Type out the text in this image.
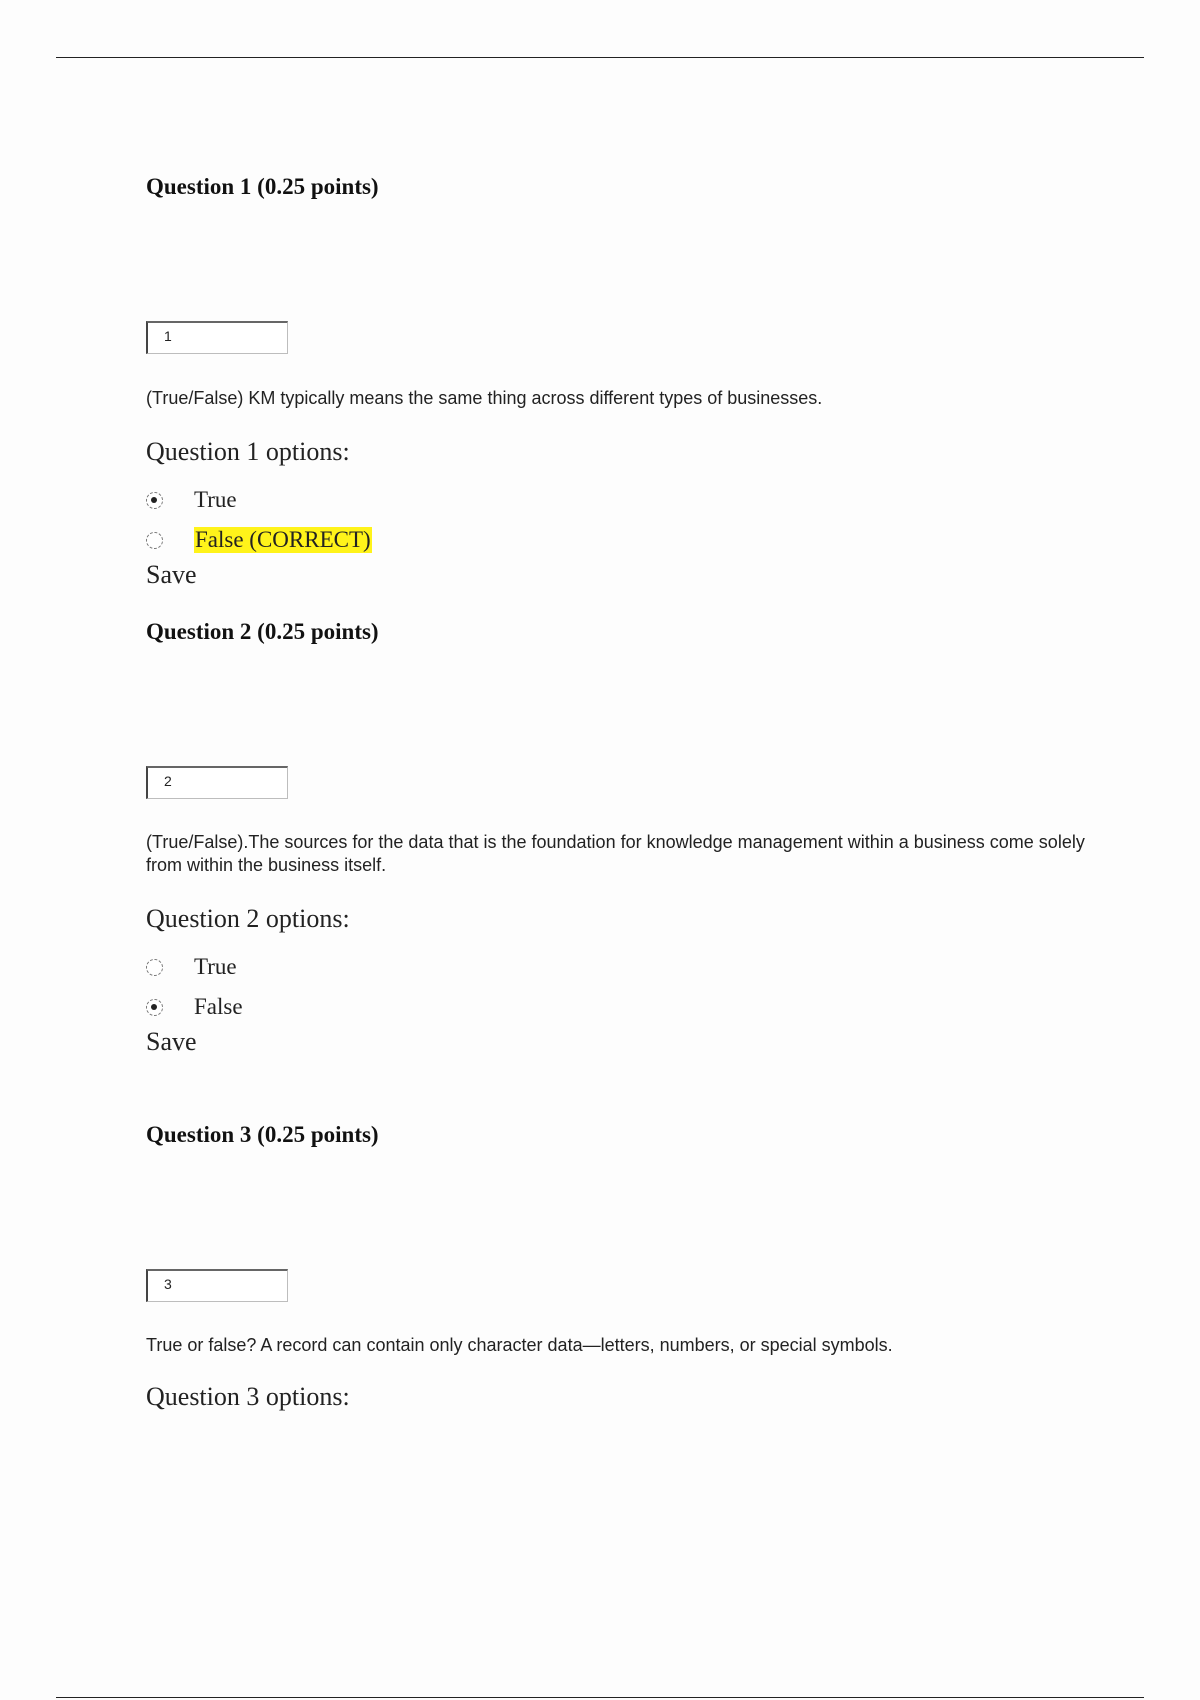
Question 1 (0.25 points)
1
(True/False) KM typically means the same thing across different types of businesses.
Question 1 options:
True
False (CORRECT)
Save
Question 2 (0.25 points)
2
(True/False).The sources for the data that is the foundation for knowledge management within a business come solely from within the business itself.
Question 2 options:
True
False
Save
Question 3 (0.25 points)
3
True or false? A record can contain only character data—letters, numbers, or special symbols.
Question 3 options:
